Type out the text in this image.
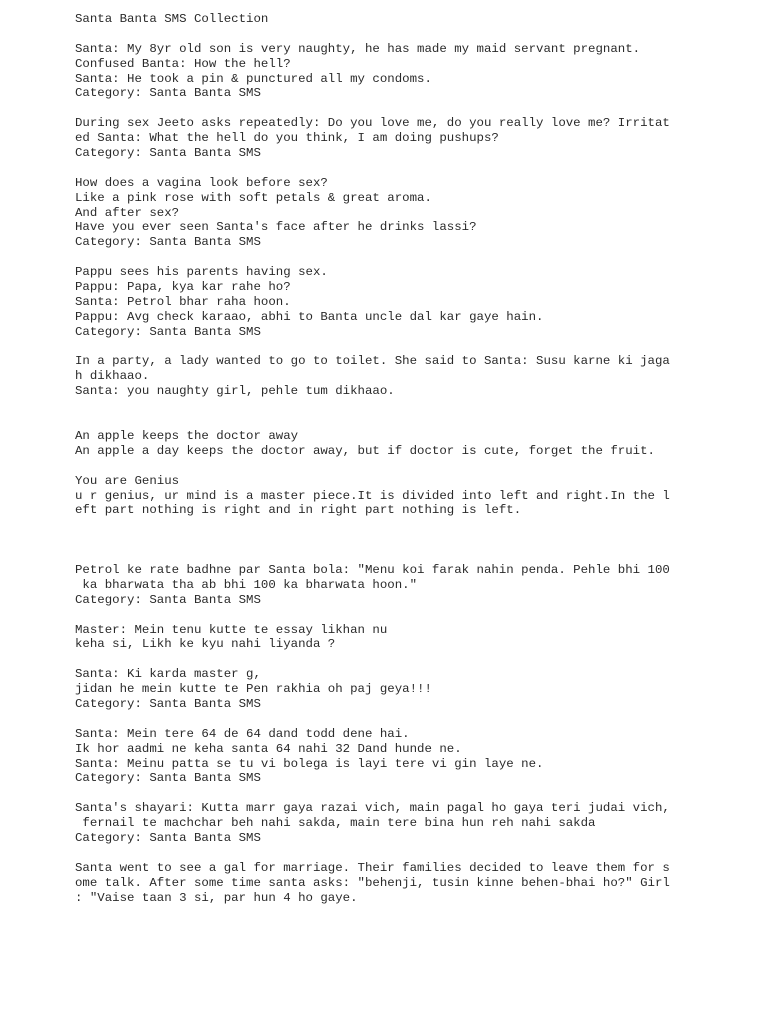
Santa Banta SMS Collection
Santa: My 8yr old son is very naughty, he has made my maid servant pregnant.
Confused Banta: How the hell?
Santa: He took a pin & punctured all my condoms.
Category: Santa Banta SMS
During sex Jeeto asks repeatedly: Do you love me, do you really love me? Irritat
ed Santa: What the hell do you think, I am doing pushups?
Category: Santa Banta SMS
How does a vagina look before sex?
Like a pink rose with soft petals & great aroma.
And after sex?
Have you ever seen Santa's face after he drinks lassi?
Category: Santa Banta SMS
Pappu sees his parents having sex.
Pappu: Papa, kya kar rahe ho?
Santa: Petrol bhar raha hoon.
Pappu: Avg check karaao, abhi to Banta uncle dal kar gaye hain.
Category: Santa Banta SMS
In a party, a lady wanted to go to toilet. She said to Santa: Susu karne ki jaga
h dikhaao.
Santa: you naughty girl, pehle tum dikhaao.
An apple keeps the doctor away
An apple a day keeps the doctor away, but if doctor is cute, forget the fruit.
You are Genius
u r genius, ur mind is a master piece.It is divided into left and right.In the l
eft part nothing is right and in right part nothing is left.
Petrol ke rate badhne par Santa bola: "Menu koi farak nahin penda. Pehle bhi 100
ka bharwata tha ab bhi 100 ka bharwata hoon."
Category: Santa Banta SMS
Master: Mein tenu kutte te essay likhan nu
keha si, Likh ke kyu nahi liyanda ?
Santa: Ki karda master g,
jidan he mein kutte te Pen rakhia oh paj geya!!!
Category: Santa Banta SMS
Santa: Mein tere 64 de 64 dand todd dene hai.
Ik hor aadmi ne keha santa 64 nahi 32 Dand hunde ne.
Santa: Meinu patta se tu vi bolega is layi tere vi gin laye ne.
Category: Santa Banta SMS
Santa's shayari: Kutta marr gaya razai vich, main pagal ho gaya teri judai vich,
fernail te machchar beh nahi sakda, main tere bina hun reh nahi sakda
Category: Santa Banta SMS
Santa went to see a gal for marriage. Their families decided to leave them for s
ome talk. After some time santa asks: "behenji, tusin kinne behen-bhai ho?" Girl
: "Vaise taan 3 si, par hun 4 ho gaye.
